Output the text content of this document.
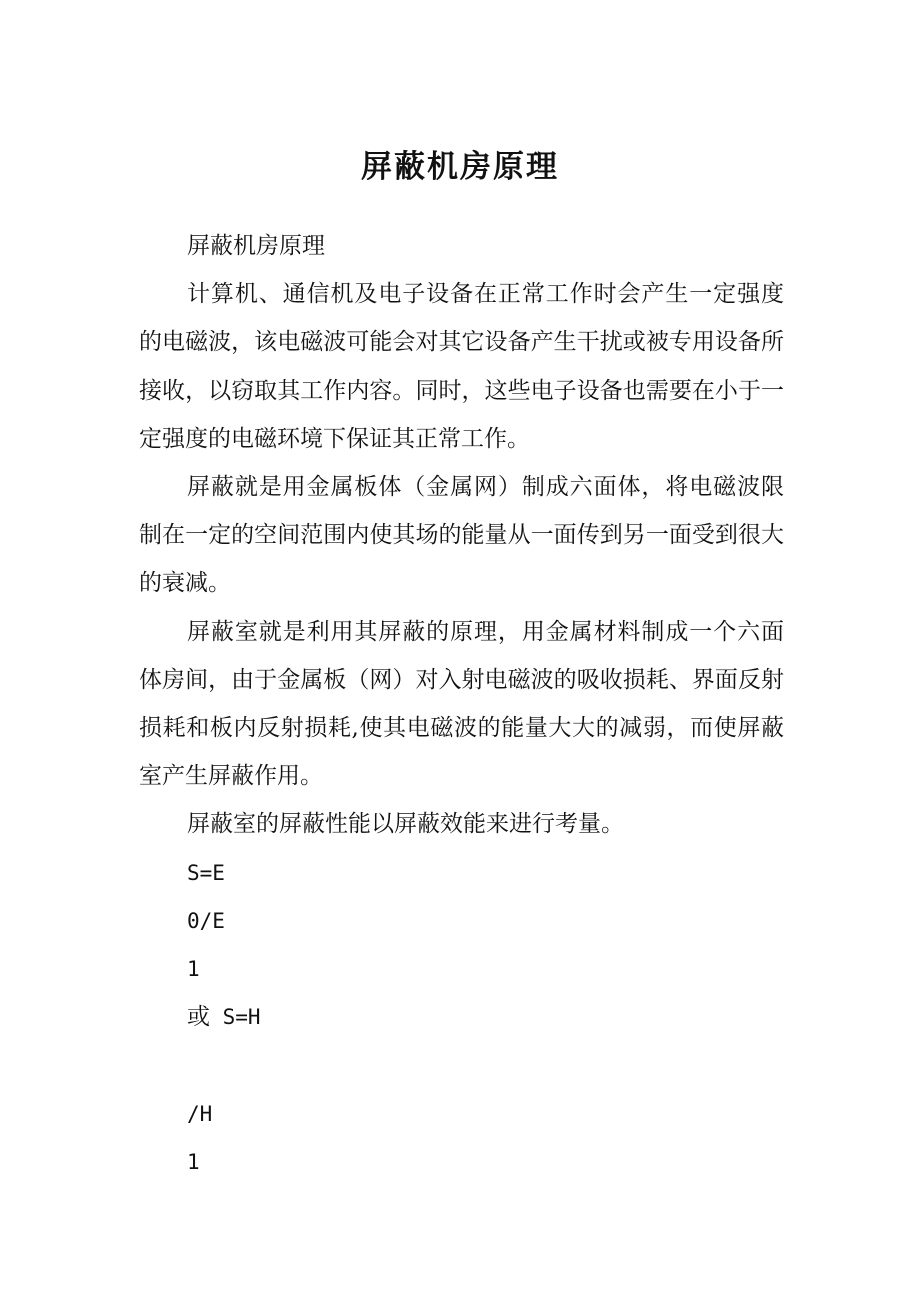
屏蔽机房原理

屏蔽机房原理

计算机、通信机及电子设备在正常工作时会产生一定强度的电磁波，该电磁波可能会对其它设备产生干扰或被专用设备所接收，以窃取其工作内容。同时，这些电子设备也需要在小于一定强度的电磁环境下保证其正常工作。

屏蔽就是用金属板体（金属网）制成六面体，将电磁波限制在一定的空间范围内使其场的能量从一面传到另一面受到很大的衰减。

屏蔽室就是利用其屏蔽的原理，用金属材料制成一个六面体房间，由于金属板（网）对入射电磁波的吸收损耗、界面反射损耗和板内反射损耗,使其电磁波的能量大大的减弱，而使屏蔽室产生屏蔽作用。

屏蔽室的屏蔽性能以屏蔽效能来进行考量。

S=E

0/E

1

或 S=H

/H

1
